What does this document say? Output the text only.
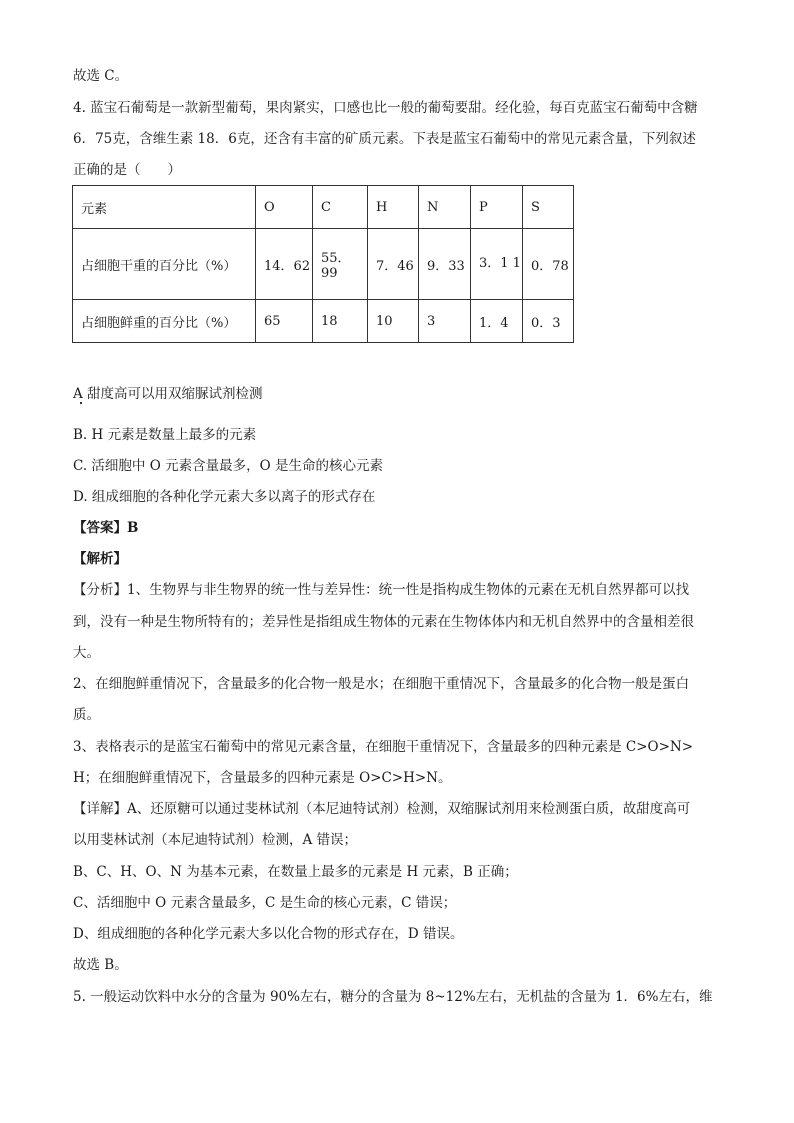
故选 C。
4. 蓝宝石葡萄是一款新型葡萄，果肉紧实，口感也比一般的葡萄要甜。经化验，每百克蓝宝石葡萄中含糖
6．75克，含维生素 18．6克，还含有丰富的矿质元素。下表是蓝宝石葡萄中的常见元素含量，下列叙述
正确的是（　　）
元素	O	C	H	N	P	S
占细胞干重的百分比（%）	14．62	55．99	7．46	9．33	3．1 1	0．78
占细胞鲜重的百分比（%）	65	18	10	3	1．4	0．3
A 甜度高可以用双缩脲试剂检测
B. H 元素是数量上最多的元素
C. 活细胞中 O 元素含量最多，O 是生命的核心元素
D. 组成细胞的各种化学元素大多以离子的形式存在
【答案】B
【解析】
【分析】1、生物界与非生物界的统一性与差异性：统一性是指构成生物体的元素在无机自然界都可以找
到，没有一种是生物所特有的；差异性是指组成生物体的元素在生物体体内和无机自然界中的含量相差很
大。
2、在细胞鲜重情况下，含量最多的化合物一般是水；在细胞干重情况下，含量最多的化合物一般是蛋白
质。
3、表格表示的是蓝宝石葡萄中的常见元素含量，在细胞干重情况下，含量最多的四种元素是 C>O>N>
H；在细胞鲜重情况下，含量最多的四种元素是 O>C>H>N。
【详解】A、还原糖可以通过斐林试剂（本尼迪特试剂）检测，双缩脲试剂用来检测蛋白质，故甜度高可
以用斐林试剂（本尼迪特试剂）检测，A 错误；
B、C、H、O、N 为基本元素，在数量上最多的元素是 H 元素，B 正确；
C、活细胞中 O 元素含量最多，C 是生命的核心元素，C 错误；
D、组成细胞的各种化学元素大多以化合物的形式存在，D 错误。
故选 B。
5. 一般运动饮料中水分的含量为 90%左右，糖分的含量为 8~12%左右，无机盐的含量为 1．6%左右，维
